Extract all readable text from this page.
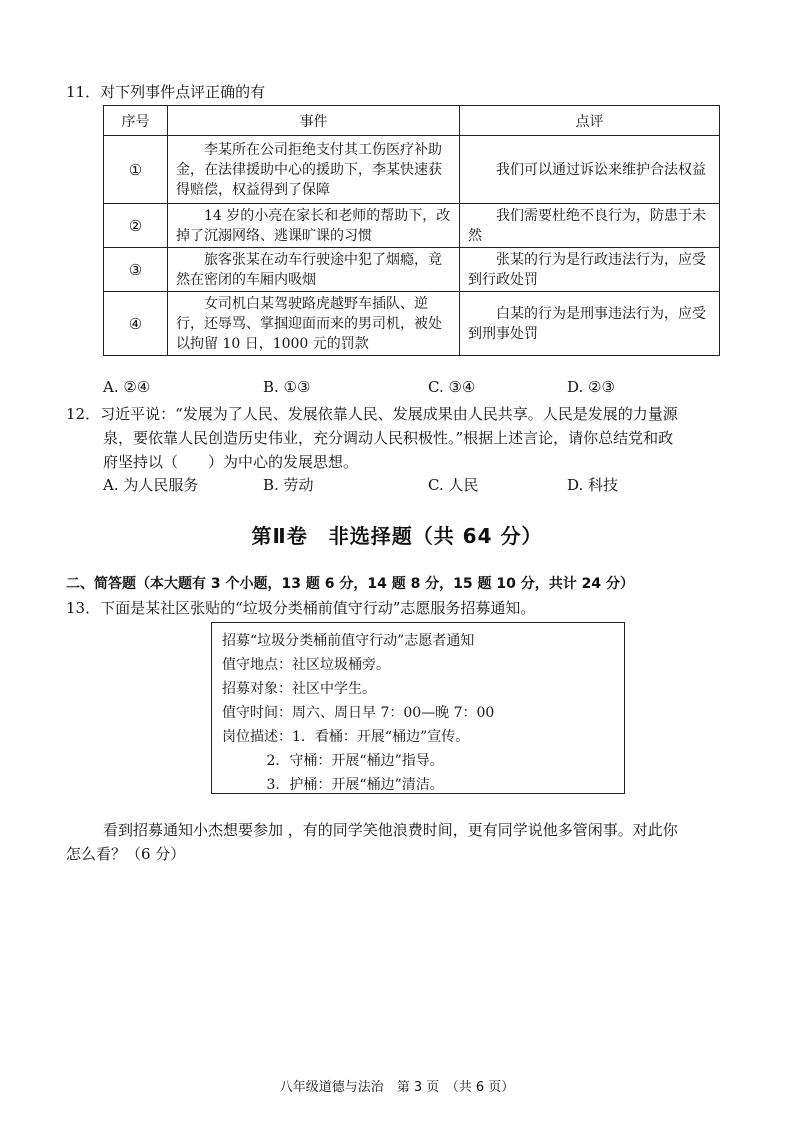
11．对下列事件点评正确的有
序号	事件	点评
①	李某所在公司拒绝支付其工伤医疗补助金，在法律援助中心的援助下，李某快速获得赔偿，权益得到了保障	我们可以通过诉讼来维护合法权益
②	14 岁的小亮在家长和老师的帮助下，改掉了沉溺网络、逃课旷课的习惯	我们需要杜绝不良行为，防患于未然
③	旅客张某在动车行驶途中犯了烟瘾，竟然在密闭的车厢内吸烟	张某的行为是行政违法行为，应受到行政处罚
④	女司机白某驾驶路虎越野车插队、逆行，还辱骂、掌掴迎面而来的男司机，被处以拘留 10 日，1000 元的罚款	白某的行为是刑事违法行为，应受到刑事处罚
A. ②④	B. ①③	C. ③④	D. ②③
12．习近平说：“发展为了人民、发展依靠人民、发展成果由人民共享。人民是发展的力量源
泉，要依靠人民创造历史伟业，充分调动人民积极性。”根据上述言论，请你总结党和政
府坚持以（　　）为中心的发展思想。
A. 为人民服务	B. 劳动	C. 人民	D. 科技
第Ⅱ卷　非选择题（共 64 分）
二、简答题（本大题有 3 个小题，13 题 6 分，14 题 8 分，15 题 10 分，共计 24 分）
13．下面是某社区张贴的“垃圾分类桶前值守行动”志愿服务招募通知。
招募“垃圾分类桶前值守行动”志愿者通知
值守地点：社区垃圾桶旁。
招募对象：社区中学生。
值守时间：周六、周日早 7：00—晚 7：00
岗位描述：1．看桶：开展“桶边”宣传。
2．守桶：开展“桶边”指导。
3．护桶：开展“桶边”清洁。
看到招募通知小杰想要参加 ，有的同学笑他浪费时间，更有同学说他多管闲事。对此你
怎么看？（6 分）
八年级道德与法治　第 3 页　（共 6 页）
